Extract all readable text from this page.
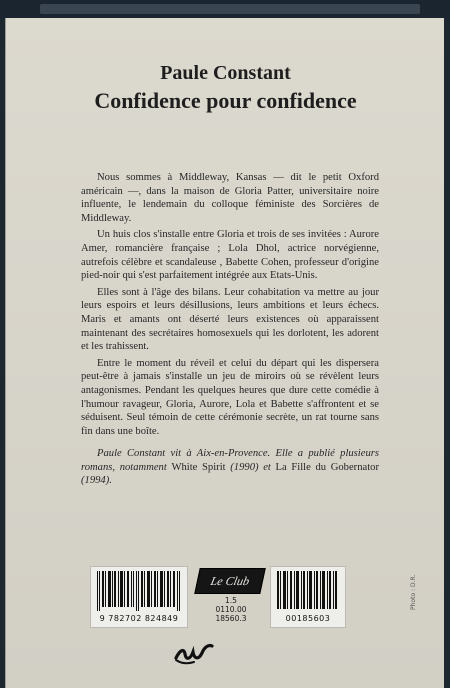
Paule Constant
Confidence pour confidence

Nous sommes à Middleway, Kansas — dit le petit Oxford américain —, dans la maison de Gloria Patter, universitaire noire influente, le lendemain du colloque féministe des Sorcières de Middleway.

Un huis clos s'installe entre Gloria et trois de ses invitées : Aurore Amer, romancière française ; Lola Dhol, actrice norvégienne, autrefois célèbre et scandaleuse , Babette Cohen, professeur d'origine pied-noir qui s'est parfaitement intégrée aux Etats-Unis.

Elles sont à l'âge des bilans. Leur cohabitation va mettre au jour leurs espoirs et leurs désillusions, leurs ambitions et leurs échecs. Maris et amants ont déserté leurs existences où apparaissent maintenant des secrétaires homosexuels qui les dorlotent, les adorent et les trahissent.

Entre le moment du réveil et celui du départ qui les dispersera peut-être à jamais s'installe un jeu de miroirs où se révèlent leurs antagonismes. Pendant les quelques heures que dure cette comédie à l'humour ravageur, Gloria, Aurore, Lola et Babette s'affrontent et se séduisent. Seul témoin de cette cérémonie secrète, un rat tourne sans fin dans une boîte.

Paule Constant vit à Aix-en-Provence. Elle a publié plusieurs romans, notamment White Spirit (1990) et La Fille du Gobernator (1994).

9 782702 824849
Le Club
1.5
0110.00
18560.3	00185603
Photo : D.R.
